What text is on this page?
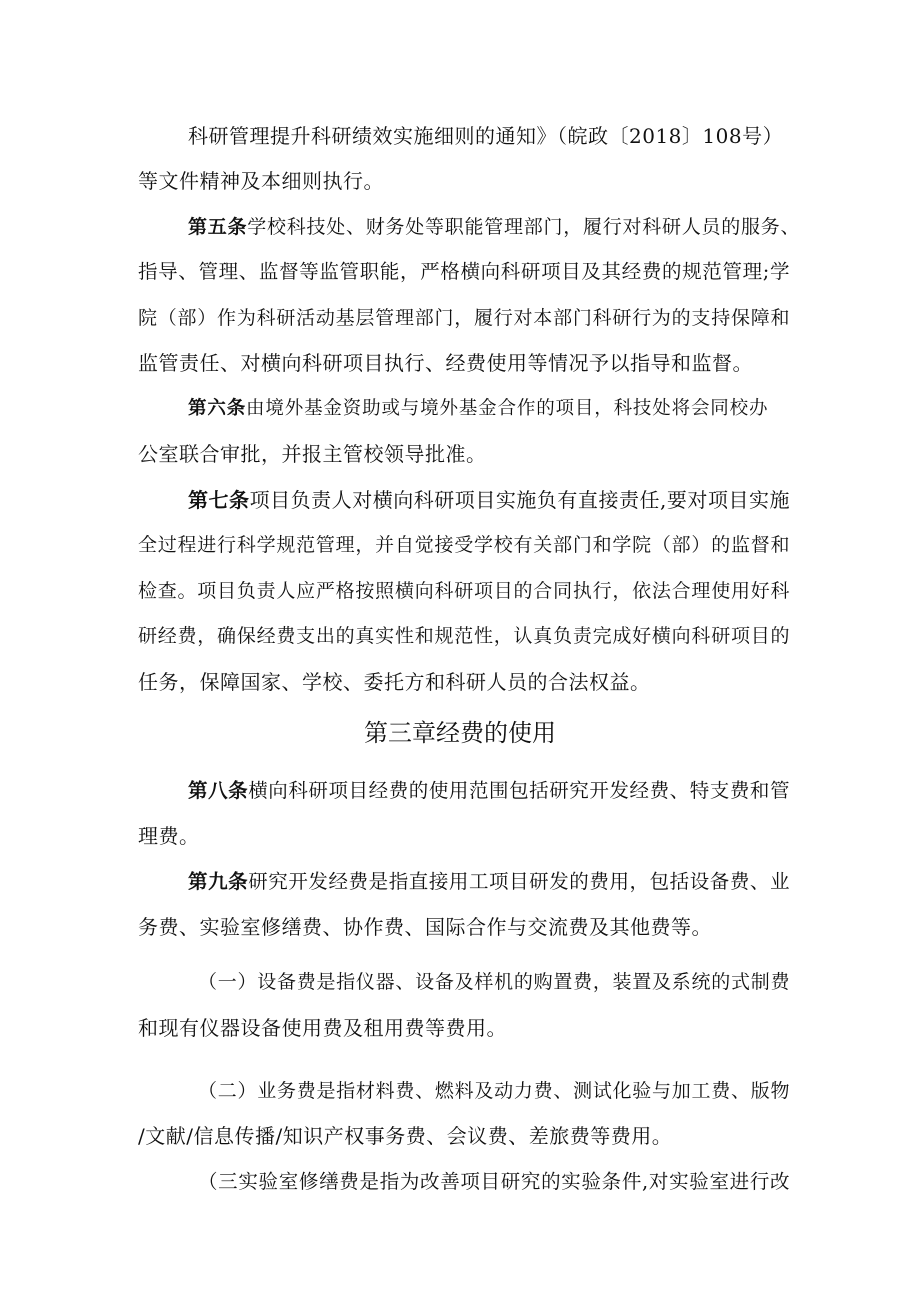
科研管理提升科研绩效实施细则的通知》（皖政〔2018〕108号）
等文件精神及本细则执行。
第五条学校科技处、财务处等职能管理部门，履行对科研人员的服务、
指导、管理、监督等监管职能，严格横向科研项目及其经费的规范管理;学
院（部）作为科研活动基层管理部门，履行对本部门科研行为的支持保障和
监管责任、对横向科研项目执行、经费使用等情况予以指导和监督。
第六条由境外基金资助或与境外基金合作的项目，科技处将会同校办
公室联合审批，并报主管校领导批准。
第七条项目负责人对横向科研项目实施负有直接责任,要对项目实施
全过程进行科学规范管理，并自觉接受学校有关部门和学院（部）的监督和
检查。项目负责人应严格按照横向科研项目的合同执行，依法合理使用好科
研经费，确保经费支出的真实性和规范性，认真负责完成好横向科研项目的
任务，保障国家、学校、委托方和科研人员的合法权益。
第三章经费的使用
第八条横向科研项目经费的使用范围包括研究开发经费、特支费和管
理费。
第九条研究开发经费是指直接用工项目研发的费用，包括设备费、业
务费、实验室修缮费、协作费、国际合作与交流费及其他费等。
（一）设备费是指仪器、设备及样机的购置费，装置及系统的式制费
和现有仪器设备使用费及租用费等费用。
（二）业务费是指材料费、燃料及动力费、测试化验与加工费、版物
/文献/信息传播/知识产权事务费、会议费、差旅费等费用。
（三实验室修缮费是指为改善项目研究的实验条件,对实验室进行改
